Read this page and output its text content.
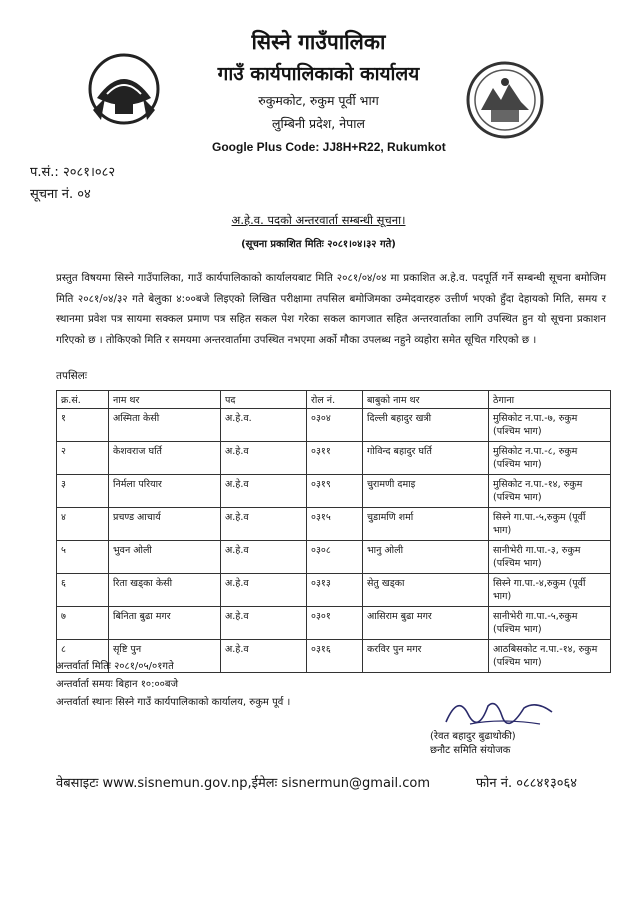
सिस्ने गाउँपालिका
गाउँ कार्यपालिकाको कार्यालय
रुकुमकोट, रुकुम पूर्वी भाग
लुम्बिनी प्रदेश, नेपाल
Google Plus Code: JJ8H+R22, Rukumkot
प.सं.: २०८१।०८२
सूचना नं. ०४
अ.हे.व. पदको अन्तरवार्ता सम्बन्धी सूचना।
(सूचना प्रकाशित मितिः २०८१।०४।३२ गते)
प्रस्तुत विषयमा सिस्ने गाउँपालिका, गाउँ कार्यपालिकाको कार्यालयबाट मिति २०८१/०४/०४ मा प्रकाशित अ.हे.व. पदपूर्ति गर्ने सम्बन्धी सूचना बमोजिम मिति २०८१/०४/३२ गते बेलुका ४:००बजे लिइएको लिखित परीक्षामा तपसिल बमोजिमका उम्मेदवारहरु उत्तीर्ण भएको हुँदा देहायको मिति, समय र स्थानमा प्रवेश पत्र सायमा सक्कल प्रमाण पत्र सहित सकल पेश गरेका सकल कागजात सहित अन्तरवार्ताका लागि उपस्थित हुन यो सूचना प्रकाशन गरिएको छ । तोकिएको मिति र समयमा अन्तरवार्तामा उपस्थित नभएमा अर्को मौका उपलब्ध नहुने व्यहोरा समेत सूचित गरिएको छ ।
तपसिलः
क्र.सं.	नाम थर	पद	रोल नं.	बाबुको नाम थर	ठेगाना
१	अस्मिता केसी	अ.हे.व.	०३०४	दिल्ली बहादुर खत्री	मुसिकोट न.पा.-७, रुकुम (पश्चिम भाग)
२	केशवराज घर्ति	अ.हे.व	०३११	गोविन्द बहादुर घर्ति	मुसिकोट न.पा.-८, रुकुम (पश्चिम भाग)
३	निर्मला परियार	अ.हे.व	०३१९	चुरामणी दमाइ	मुसिकोट न.पा.-१४, रुकुम (पश्चिम भाग)
४	प्रचण्ड आचार्य	अ.हे.व	०३१५	चुडामणि शर्मा	सिस्ने गा.पा.-५,रुकुम (पूर्वी भाग)
५	भुवन ओली	अ.हे.व	०३०८	भानु ओली	सानीभेरी गा.पा.-३, रुकुम (पश्चिम भाग)
६	रिता खड्का केसी	अ.हे.व	०३१३	सेतु खड्का	सिस्ने गा.पा.-४,रुकुम (पूर्वी भाग)
७	बिनिता बुढा मगर	अ.हे.व	०३०१	आसिराम बुढा मगर	सानीभेरी गा.पा.-५,रुकुम (पश्चिम भाग)
८	सृष्टि पुन	अ.हे.व	०३१६	करविर पुन मगर	आठबिसकोट न.पा.-१४, रुकुम (पश्चिम भाग)
अन्तर्वार्ता मितिः २०८१/०५/०१गते
अन्तर्वार्ता समयः बिहान १०:००बजे
अन्तर्वार्ता स्थानः सिस्ने गाउँ कार्यपालिकाको कार्यालय, रुकुम पूर्व ।
(रेवत बहादुर बुढाथोकी)
छनौट समिति संयोजक
वेबसाइटः www.sisnemun.gov.np,ईमेलः sisnermun@gmail.com	फोन नं. ०८८४१३०६४
